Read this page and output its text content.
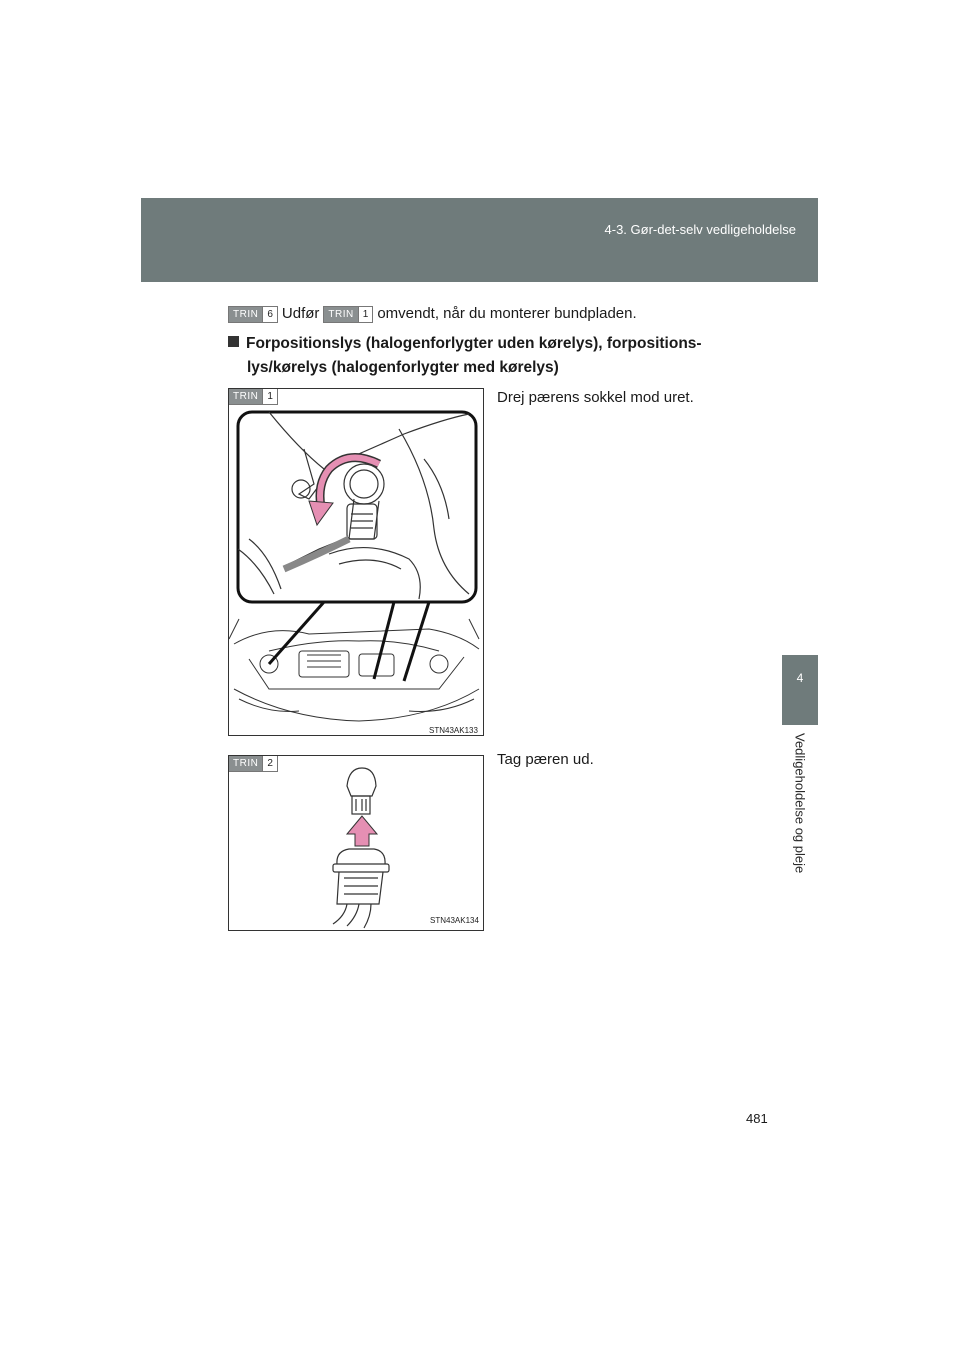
4-3. Gør-det-selv vedligeholdelse
4
Vedligeholdelse og pleje
TRIN 6 Udfør TRIN 1 omvendt, når du monterer bundpladen.
Forpositionslys (halogenforlygter uden kørelys), forpositions-
lys/kørelys (halogenforlygter med kørelys)
TRIN 1
STN43AK133
Drej pærens sokkel mod uret.
TRIN 2
STN43AK134
Tag pæren ud.
481
